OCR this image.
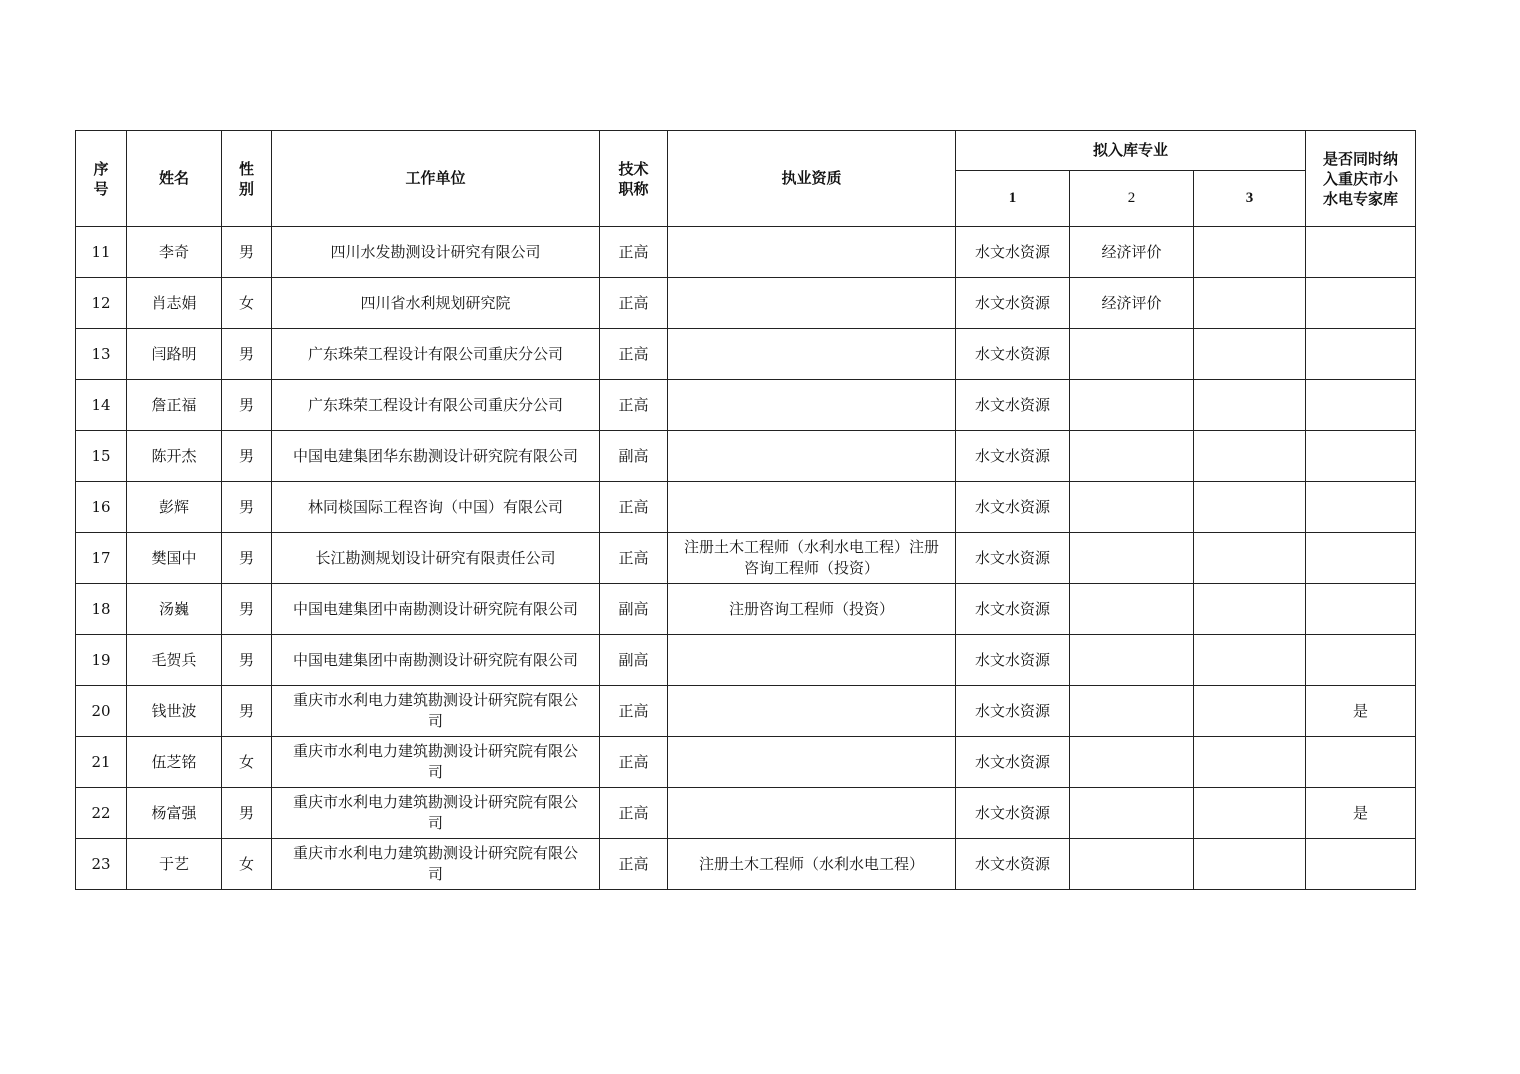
序号	姓名	性别	工作单位	技术职称	执业资质	拟入库专业			是否同时纳入重庆市小水电专家库
						1	2	3	
11	李奇	男	四川水发勘测设计研究有限公司	正高		水文水资源	经济评价		
12	肖志娟	女	四川省水利规划研究院	正高		水文水资源	经济评价		
13	闫路明	男	广东珠荣工程设计有限公司重庆分公司	正高		水文水资源			
14	詹正福	男	广东珠荣工程设计有限公司重庆分公司	正高		水文水资源			
15	陈开杰	男	中国电建集团华东勘测设计研究院有限公司	副高		水文水资源			
16	彭辉	男	林同棪国际工程咨询（中国）有限公司	正高		水文水资源			
17	樊国中	男	长江勘测规划设计研究有限责任公司	正高	注册土木工程师（水利水电工程）注册咨询工程师（投资）	水文水资源			
18	汤巍	男	中国电建集团中南勘测设计研究院有限公司	副高	注册咨询工程师（投资）	水文水资源			
19	毛贺兵	男	中国电建集团中南勘测设计研究院有限公司	副高		水文水资源			
20	钱世波	男	重庆市水利电力建筑勘测设计研究院有限公司	正高		水文水资源			是
21	伍芝铭	女	重庆市水利电力建筑勘测设计研究院有限公司	正高		水文水资源			
22	杨富强	男	重庆市水利电力建筑勘测设计研究院有限公司	正高		水文水资源			是
23	于艺	女	重庆市水利电力建筑勘测设计研究院有限公司	正高	注册土木工程师（水利水电工程）	水文水资源			
